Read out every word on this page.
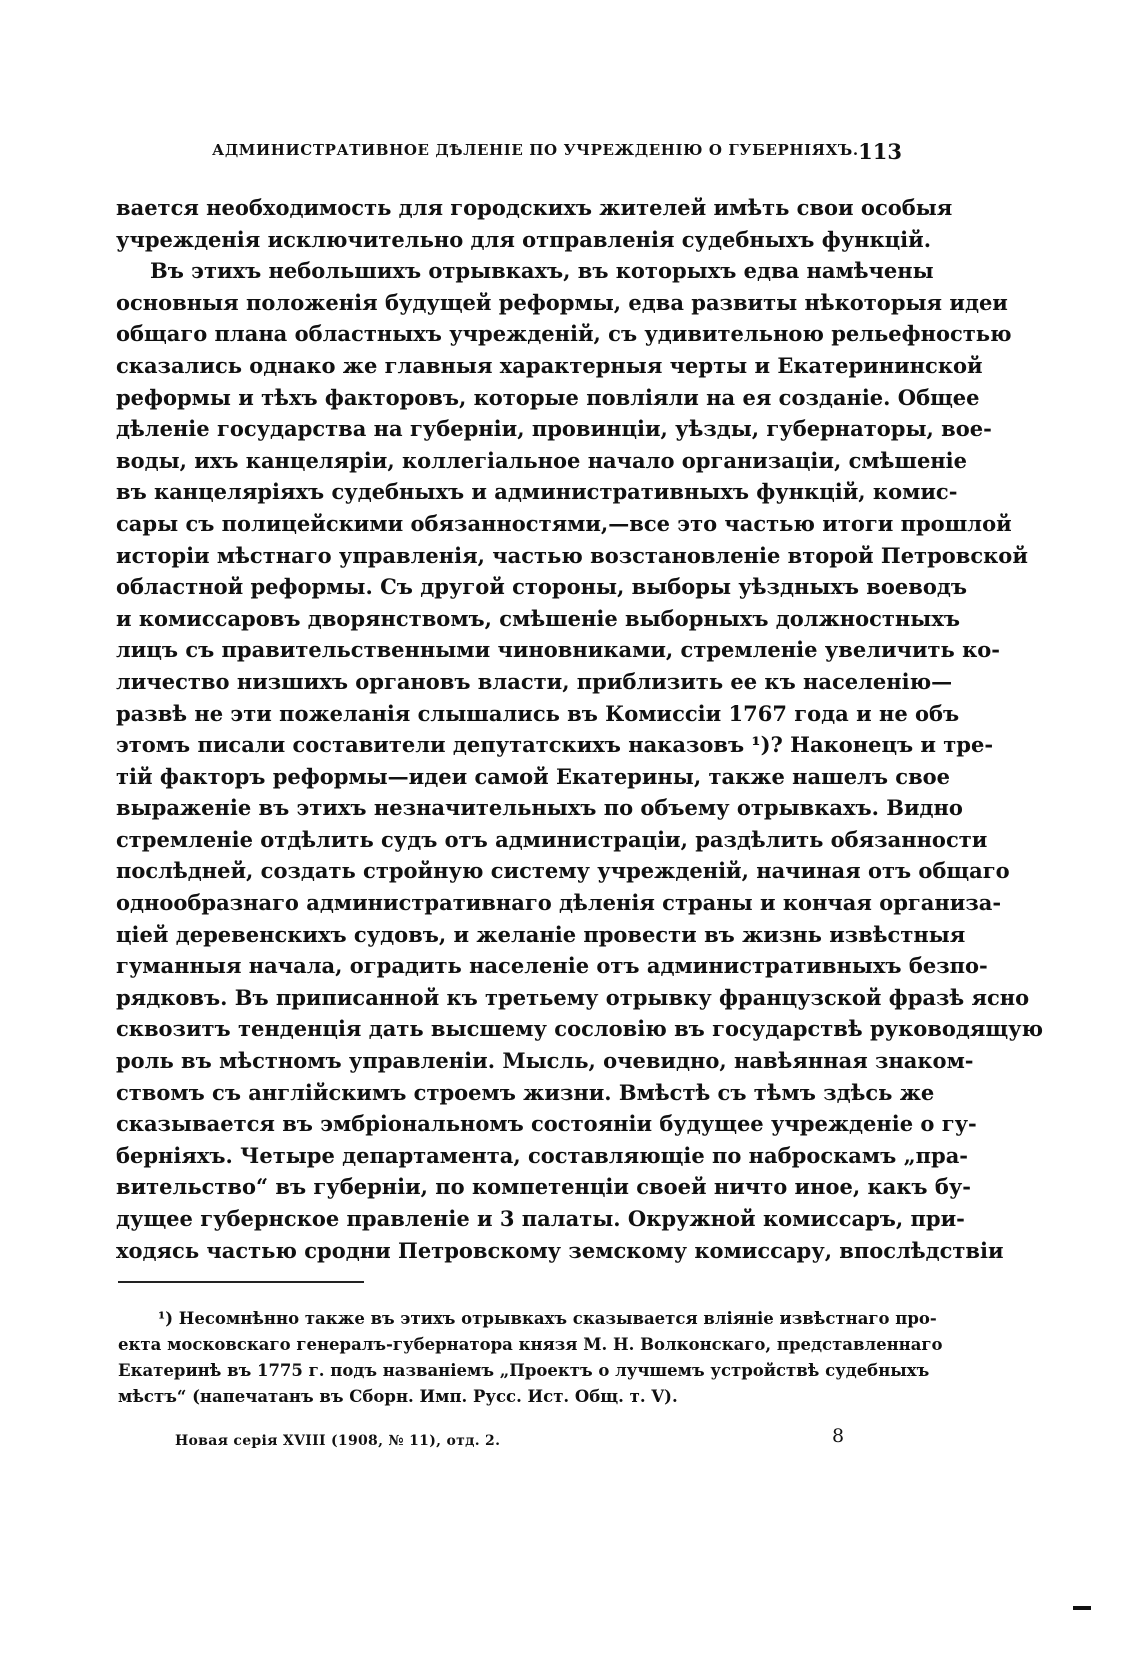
АДМИНИСТРАТИВНОЕ ДѢЛЕНІЕ ПО УЧРЕЖДЕНІЮ О ГУБЕРНІЯХЪ. 113
вается необходимость для городскихъ жителей имѣть свои особыя
учрежденія исключительно для отправленія судебныхъ функцій.
Въ этихъ небольшихъ отрывкахъ, въ которыхъ едва намѣчены
основныя положенія будущей реформы, едва развиты нѣкоторыя идеи
общаго плана областныхъ учрежденій, съ удивительною рельефностью
сказались однако же главныя характерныя черты и Екатерининской
реформы и тѣхъ факторовъ, которые повліяли на ея созданіе. Общее
дѣленіе государства на губерніи, провинціи, уѣзды, губернаторы, вое-
воды, ихъ канцеляріи, коллегіальное начало организаціи, смѣшеніе
въ канцеляріяхъ судебныхъ и административныхъ функцій, комис-
сары съ полицейскими обязанностями,—все это частью итоги прошлой
исторіи мѣстнаго управленія, частью возстановленіе второй Петровской
областной реформы. Съ другой стороны, выборы уѣздныхъ воеводъ
и комиссаровъ дворянствомъ, смѣшеніе выборныхъ должностныхъ
лицъ съ правительственными чиновниками, стремленіе увеличить ко-
личество низшихъ органовъ власти, приблизить ее къ населенію—
развѣ не эти пожеланія слышались въ Комиссіи 1767 года и не объ
этомъ писали составители депутатскихъ наказовъ ¹)? Наконецъ и тре-
тій факторъ реформы—идеи самой Екатерины, также нашелъ свое
выраженіе въ этихъ незначительныхъ по объему отрывкахъ. Видно
стремленіе отдѣлить судъ отъ администраціи, раздѣлить обязанности
послѣдней, создать стройную систему учрежденій, начиная отъ общаго
однообразнаго административнаго дѣленія страны и кончая организа-
ціей деревенскихъ судовъ, и желаніе провести въ жизнь извѣстныя
гуманныя начала, оградить населеніе отъ административныхъ безпо-
рядковъ. Въ приписанной къ третьему отрывку французской фразѣ ясно
сквозитъ тенденція дать высшему сословію въ государствѣ руководящую
роль въ мѣстномъ управленіи. Мысль, очевидно, навѣянная знаком-
ствомъ съ англійскимъ строемъ жизни. Вмѣстѣ съ тѣмъ здѣсь же
сказывается въ эмбріональномъ состояніи будущее учрежденіе о гу-
берніяхъ. Четыре департамента, составляющіе по наброскамъ „пра-
вительство“ въ губерніи, по компетенціи своей ничто иное, какъ бу-
дущее губернское правленіе и 3 палаты. Окружной комиссаръ, при-
ходясь частью сродни Петровскому земскому комиссару, впослѣдствіи
¹) Несомнѣнно также въ этихъ отрывкахъ сказывается вліяніе извѣстнаго про-
екта московскаго генералъ-губернатора князя М. Н. Волконскаго, представленнаго
Екатеринѣ въ 1775 г. подъ названіемъ „Проектъ о лучшемъ устройствѣ судебныхъ
мѣстъ“ (напечатанъ въ Сборн. Имп. Русс. Ист. Общ. т. V).
Новая серія XVIII (1908, № 11), отд. 2.	8
